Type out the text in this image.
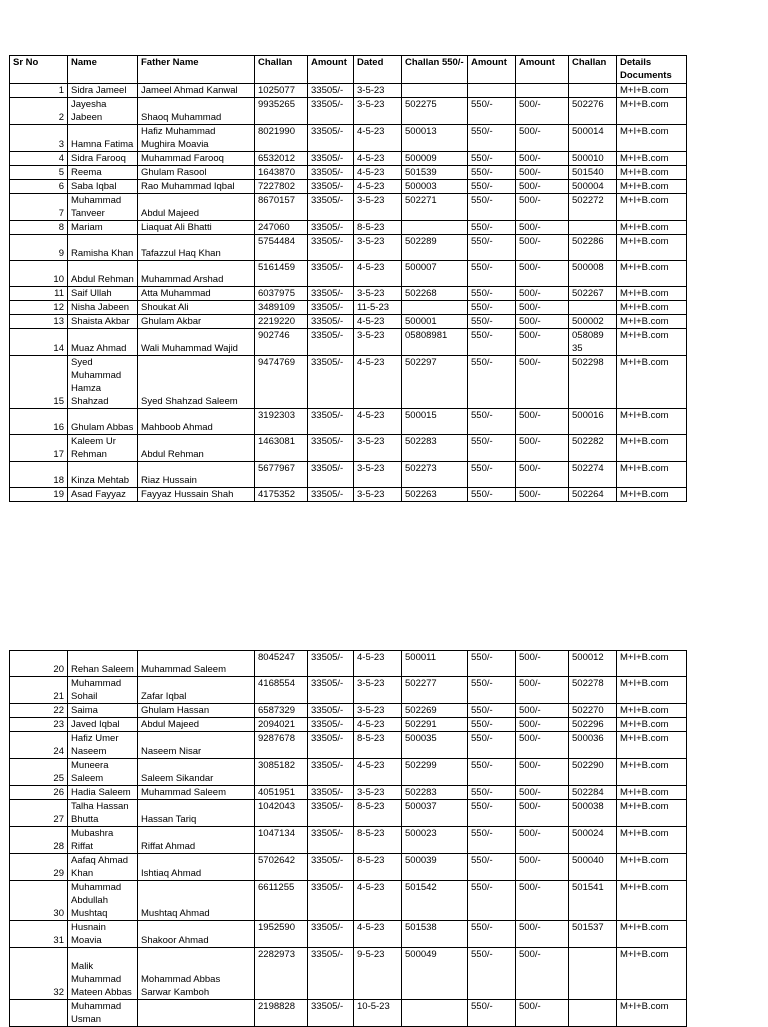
Sr No	Name	Father Name	Challan	Amount	Dated	Challan 550/-	Amount	Amount	Challan	Details Documents
1	Sidra Jameel	Jameel Ahmad Kanwal	1025077	33505/-	3-5-23					M+I+B.com
2	Jayesha Jabeen	Shaoq Muhammad	9935265	33505/-	3-5-23	502275	550/-	500/-	502276	M+I+B.com
3	Hamna Fatima	Hafiz Muhammad Mughira Moavia	8021990	33505/-	4-5-23	500013	550/-	500/-	500014	M+I+B.com
4	Sidra Farooq	Muhammad Farooq	6532012	33505/-	4-5-23	500009	550/-	500/-	500010	M+I+B.com
5	Reema	Ghulam Rasool	1643870	33505/-	4-5-23	501539	550/-	500/-	501540	M+I+B.com
6	Saba Iqbal	Rao Muhammad Iqbal	7227802	33505/-	4-5-23	500003	550/-	500/-	500004	M+I+B.com
7	Muhammad Tanveer	Abdul Majeed	8670157	33505/-	3-5-23	502271	550/-	500/-	502272	M+I+B.com
8	Mariam	Liaquat Ali Bhatti	247060	33505/-	8-5-23		550/-	500/-		M+I+B.com
9	Ramisha Khan	Tafazzul Haq Khan	5754484	33505/-	3-5-23	502289	550/-	500/-	502286	M+I+B.com
10	Abdul Rehman	Muhammad Arshad	5161459	33505/-	4-5-23	500007	550/-	500/-	500008	M+I+B.com
11	Saif Ullah	Atta Muhammad	6037975	33505/-	3-5-23	502268	550/-	500/-	502267	M+I+B.com
12	Nisha Jabeen	Shoukat Ali	3489109	33505/-	11-5-23		550/-	500/-		M+I+B.com
13	Shaista Akbar	Ghulam Akbar	2219220	33505/-	4-5-23	500001	550/-	500/-	500002	M+I+B.com
14	Muaz Ahmad	Wali Muhammad Wajid	902746	33505/-	3-5-23	05808981	550/-	500/-	058089 35	M+I+B.com
15	Syed Muhammad Hamza Shahzad	Syed Shahzad Saleem	9474769	33505/-	4-5-23	502297	550/-	500/-	502298	M+I+B.com
16	Ghulam Abbas	Mahboob Ahmad	3192303	33505/-	4-5-23	500015	550/-	500/-	500016	M+I+B.com
17	Kaleem Ur Rehman	Abdul Rehman	1463081	33505/-	3-5-23	502283	550/-	500/-	502282	M+I+B.com
18	Kinza Mehtab	Riaz Hussain	5677967	33505/-	3-5-23	502273	550/-	500/-	502274	M+I+B.com
19	Asad Fayyaz	Fayyaz Hussain Shah	4175352	33505/-	3-5-23	502263	550/-	500/-	502264	M+I+B.com
20	Rehan Saleem	Muhammad Saleem	8045247	33505/-	4-5-23	500011	550/-	500/-	500012	M+I+B.com
21	Muhammad Sohail	Zafar Iqbal	4168554	33505/-	3-5-23	502277	550/-	500/-	502278	M+I+B.com
22	Saima	Ghulam Hassan	6587329	33505/-	3-5-23	502269	550/-	500/-	502270	M+I+B.com
23	Javed Iqbal	Abdul Majeed	2094021	33505/-	4-5-23	502291	550/-	500/-	502296	M+I+B.com
24	Hafiz Umer Naseem	Naseem Nisar	9287678	33505/-	8-5-23	500035	550/-	500/-	500036	M+I+B.com
25	Muneera Saleem	Saleem Sikandar	3085182	33505/-	4-5-23	502299	550/-	500/-	502290	M+I+B.com
26	Hadia Saleem	Muhammad Saleem	4051951	33505/-	3-5-23	502283	550/-	500/-	502284	M+I+B.com
27	Talha Hassan Bhutta	Hassan Tariq	1042043	33505/-	8-5-23	500037	550/-	500/-	500038	M+I+B.com
28	Mubashra Riffat	Riffat Ahmad	1047134	33505/-	8-5-23	500023	550/-	500/-	500024	M+I+B.com
29	Aafaq Ahmad Khan	Ishtiaq Ahmad	5702642	33505/-	8-5-23	500039	550/-	500/-	500040	M+I+B.com
30	Muhammad Abdullah Mushtaq	Mushtaq Ahmad	6611255	33505/-	4-5-23	501542	550/-	500/-	501541	M+I+B.com
31	Husnain Moavia	Shakoor Ahmad	1952590	33505/-	4-5-23	501538	550/-	500/-	501537	M+I+B.com
32	Malik Muhammad Mateen Abbas	Mohammad Abbas Sarwar Kamboh	2282973	33505/-	9-5-23	500049	550/-	500/-		M+I+B.com
	Muhammad Usman		2198828	33505/-	10-5-23		550/-	500/-		M+I+B.com
